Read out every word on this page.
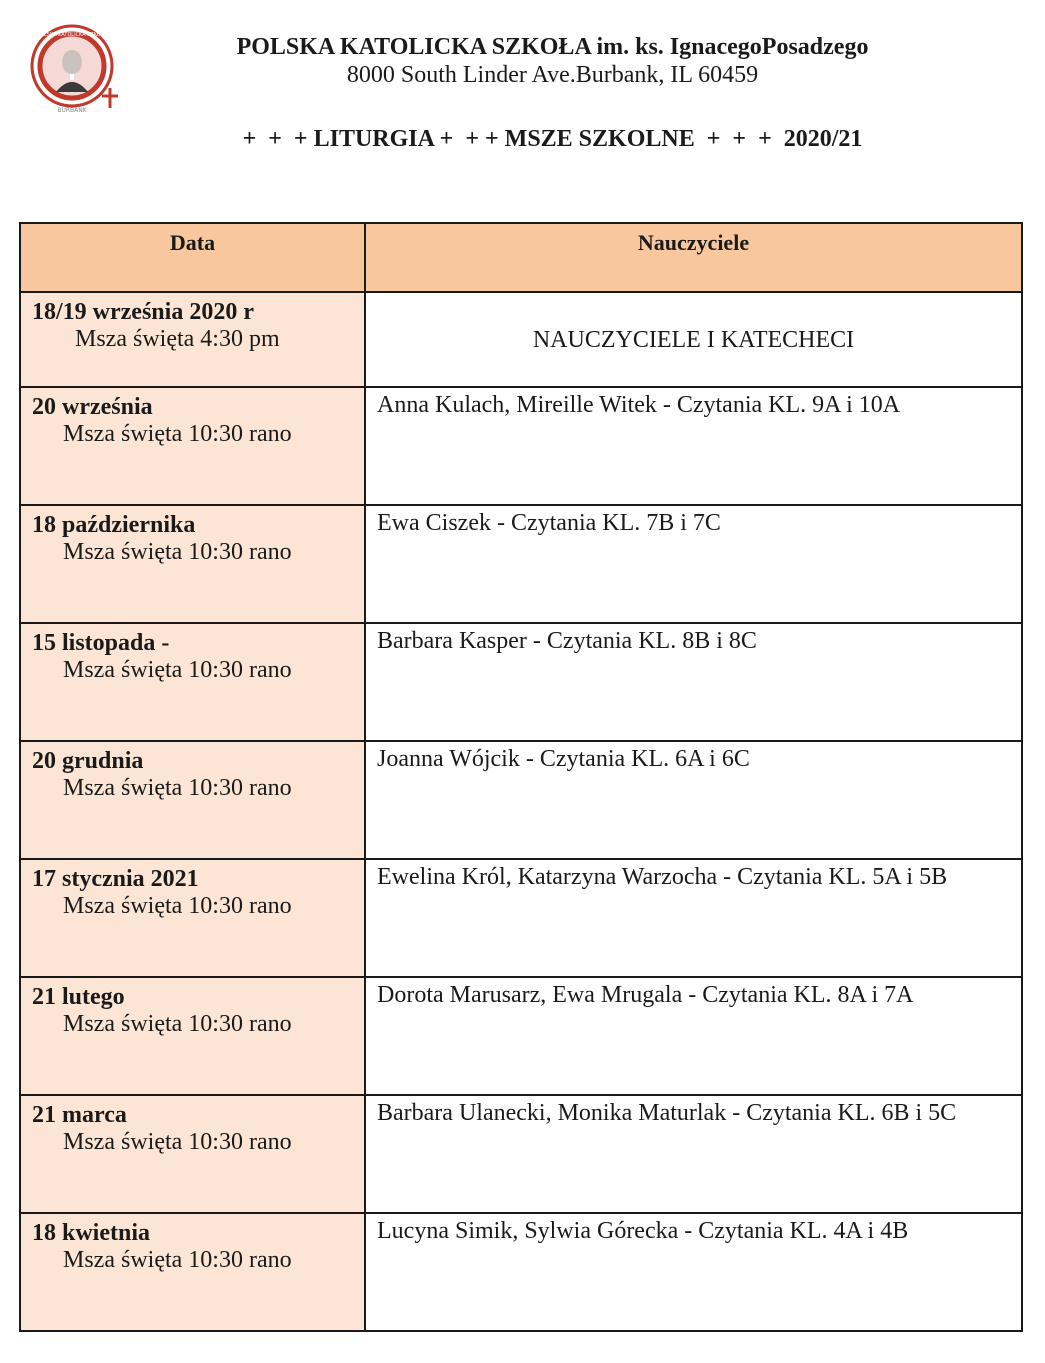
BURBANK
POLSKA KATOLICKA SZKOŁA	POLSKA KATOLICKA SZKOŁA im. ks. IgnacegoPosadzego
8000 South Linder Ave.Burbank, IL 60459
+  +  + LITURGIA +  + + MSZE SZKOLNE  +  +  +  2020/21
Data	Nauczyciele

18/19 września 2020 r
Msza święta 4:30 pm	NAUCZYCIELE I KATECHECI

20 września
Msza święta 10:30 rano	Anna Kulach, Mireille Witek - Czytania KL. 9A i 10A

18 października
Msza święta 10:30 rano	Ewa Ciszek - Czytania KL. 7B i 7C

15 listopada -
Msza święta 10:30 rano	Barbara Kasper - Czytania KL. 8B i 8C

20 grudnia
Msza święta 10:30 rano	Joanna Wójcik - Czytania KL. 6A i 6C

17 stycznia 2021
Msza święta 10:30 rano	Ewelina Król, Katarzyna Warzocha - Czytania KL. 5A i 5B

21 lutego
Msza święta 10:30 rano	Dorota Marusarz, Ewa Mrugala - Czytania KL. 8A i 7A

21 marca
Msza święta 10:30 rano	Barbara Ulanecki, Monika Maturlak - Czytania KL. 6B i 5C

18 kwietnia
Msza święta 10:30 rano	Lucyna Simik, Sylwia Górecka - Czytania KL. 4A i 4B
